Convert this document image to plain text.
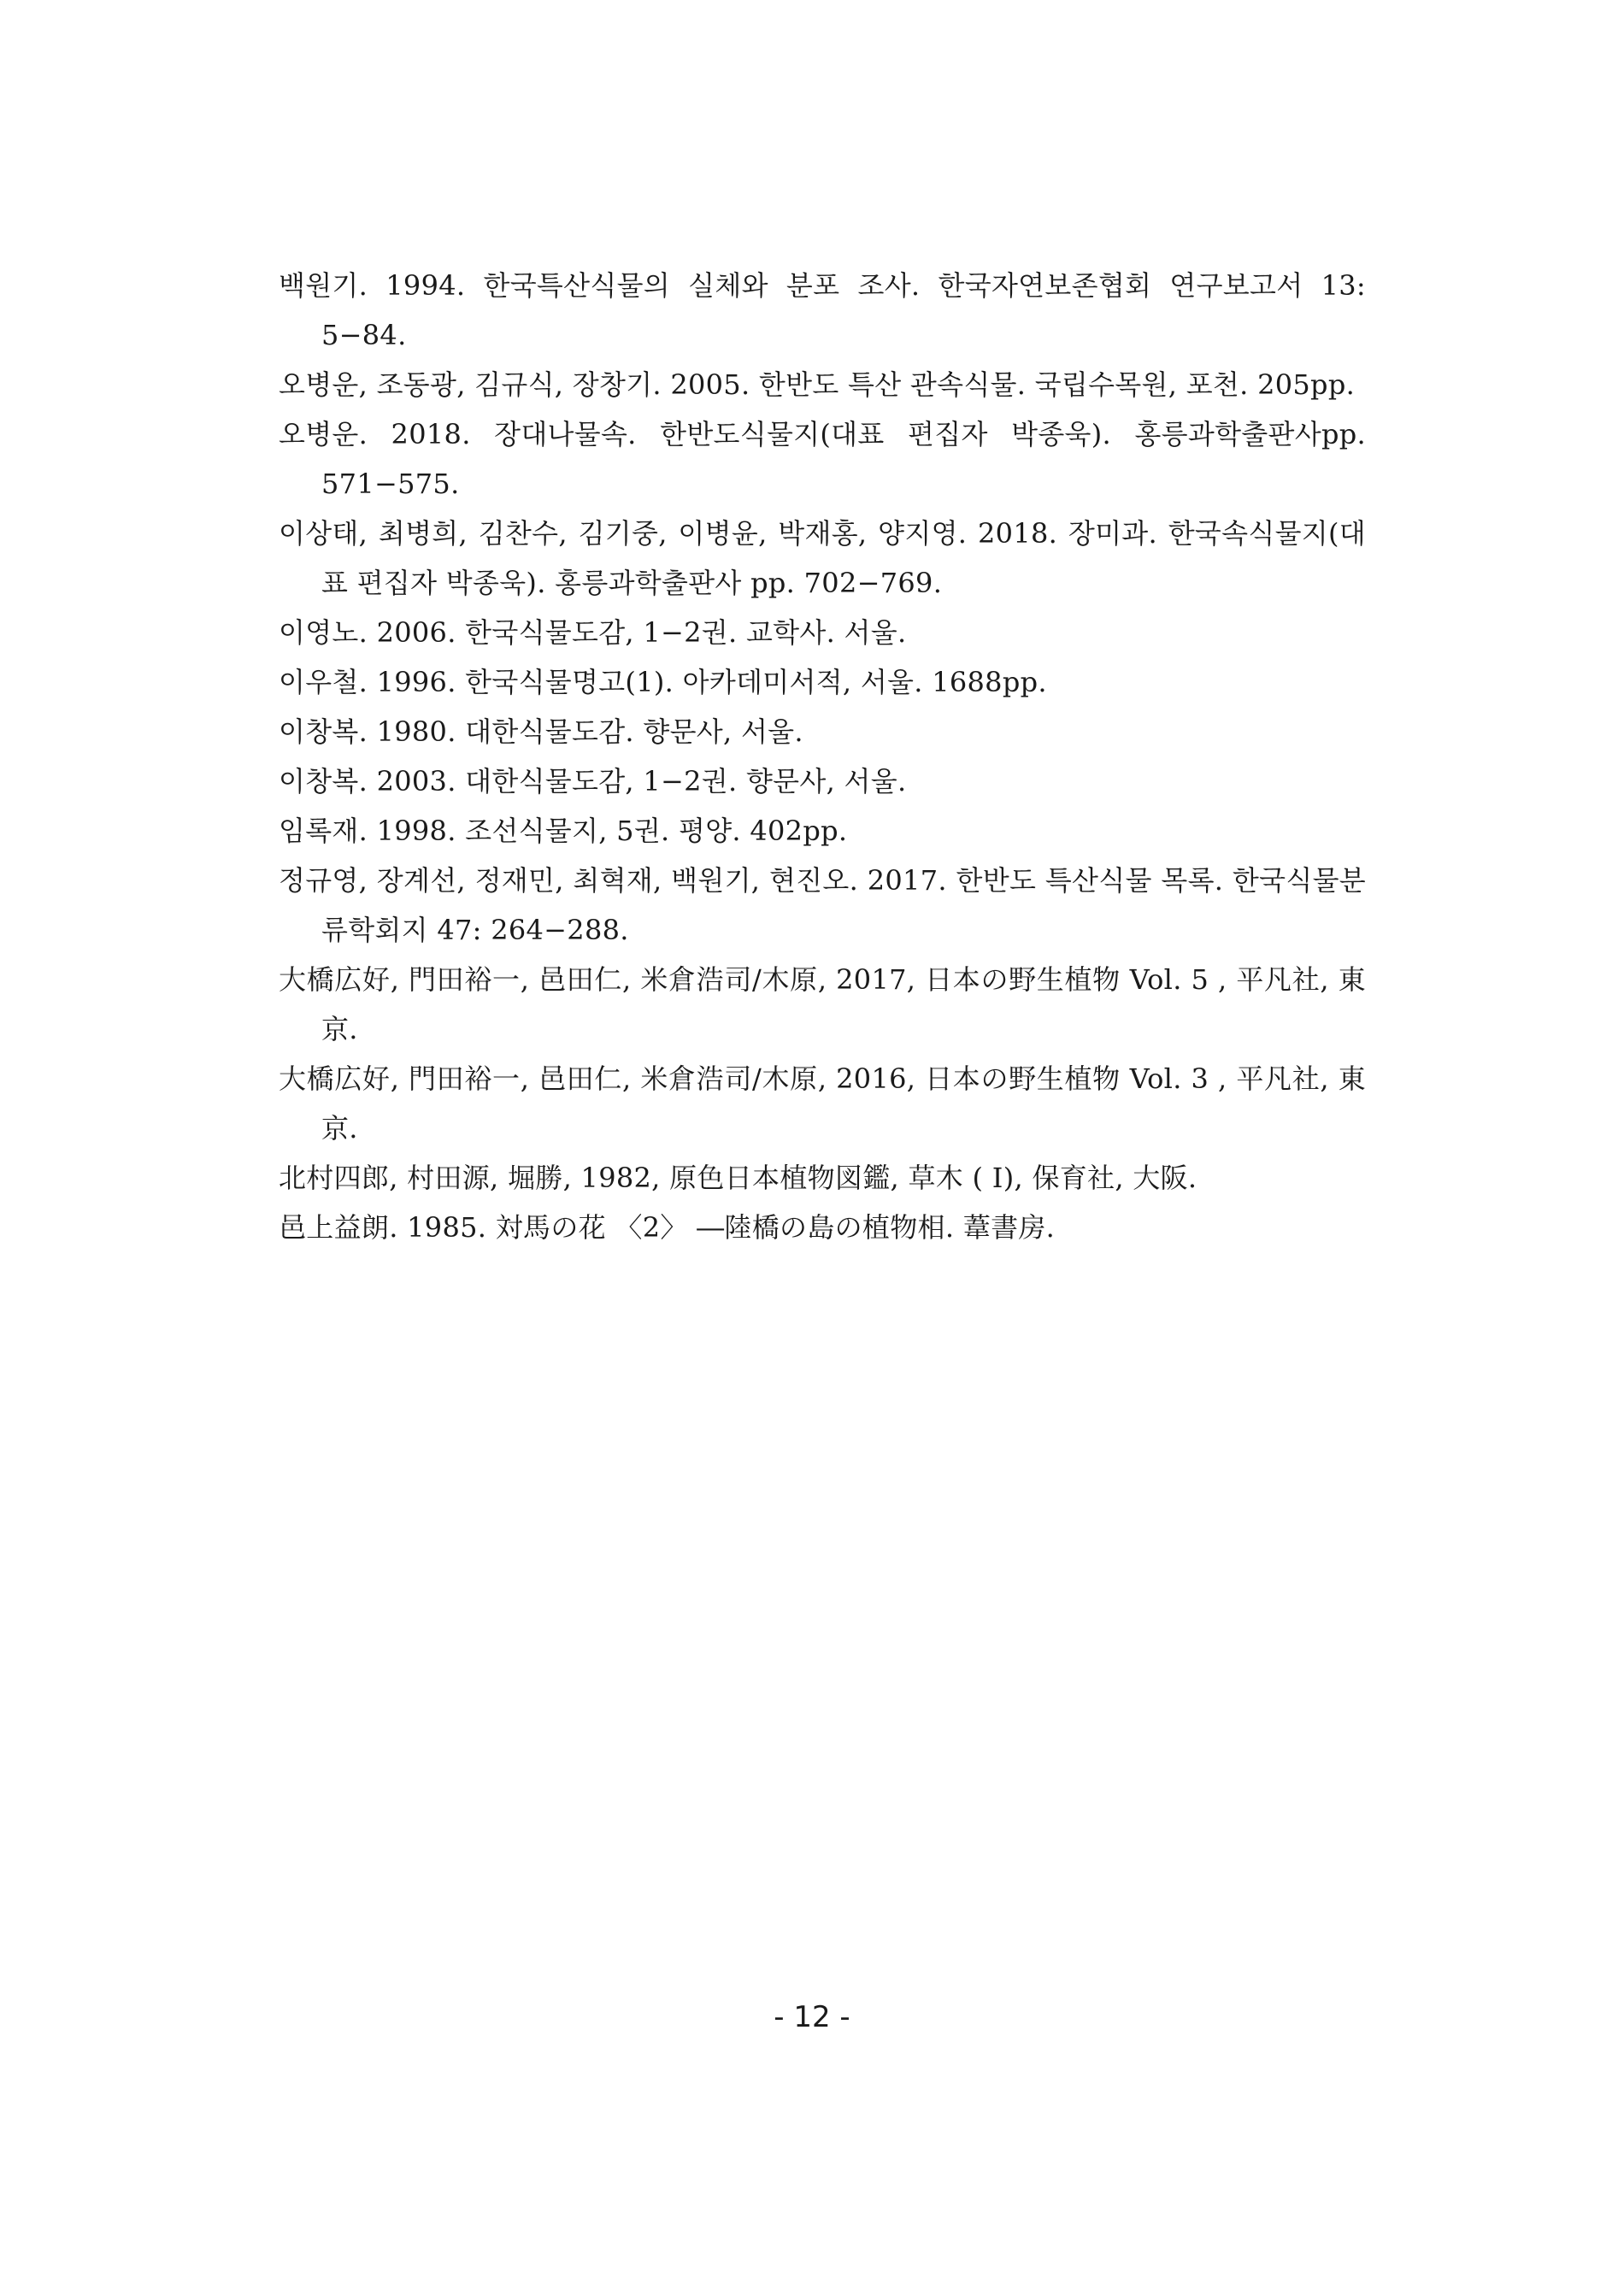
백원기. 1994. 한국특산식물의 실체와 분포 조사. 한국자연보존협회 연구보고서 13: 5−84.

오병운, 조동광, 김규식, 장창기. 2005. 한반도 특산 관속식물. 국립수목원, 포천. 205pp.

오병운. 2018. 장대나물속. 한반도식물지(대표 편집자 박종욱). 홍릉과학출판사pp. 571−575.

이상태, 최병희, 김찬수, 김기중, 이병윤, 박재홍, 양지영. 2018. 장미과. 한국속식물지(대표 편집자 박종욱). 홍릉과학출판사 pp. 702−769.

이영노. 2006. 한국식물도감, 1−2권. 교학사. 서울.

이우철. 1996. 한국식물명고(1). 아카데미서적, 서울. 1688pp.

이창복. 1980. 대한식물도감. 향문사, 서울.

이창복. 2003. 대한식물도감, 1−2권. 향문사, 서울.

임록재. 1998. 조선식물지, 5권. 평양. 402pp.

정규영, 장계선, 정재민, 최혁재, 백원기, 현진오. 2017. 한반도 특산식물 목록. 한국식물분류학회지 47: 264−288.

大橋広好, 門田裕一, 邑田仁, 米倉浩司/木原, 2017, 日本の野生植物 Vol. 5 , 平凡社, 東京.

大橋広好, 門田裕一, 邑田仁, 米倉浩司/木原, 2016, 日本の野生植物 Vol. 3 , 平凡社, 東京.

北村四郎, 村田源, 堀勝, 1982, 原色日本植物図鑑, 草木 ( I), 保育社, 大阪.

邑上益朗. 1985. 対馬の花 〈2〉 ―陸橋の島の植物相. 葦書房.

- 12 -
